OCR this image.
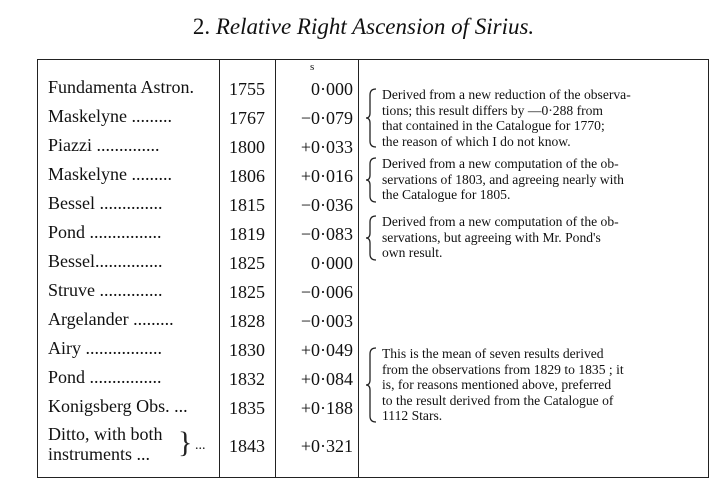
2. Relative Right Ascension of Sirius.
s
Fundamenta Astron. 1755	0·000
Maskelyne .........	1767	−0·079
Piazzi ..............	1800	+0·033
Maskelyne .........	1806	+0·016
Bessel ..............	1815	−0·036
Pond ................	1819	−0·083
Bessel...............	1825	0·000
Struve ..............	1825	−0·006
Argelander .........	1828	−0·003
Airy .................	1830	+0·049
Pond ................	1832	+0·084
Konigsberg Obs. ... 1835	+0·188
Ditto, with both
instruments ... } ... 1843	+0·321
Derived from a new reduction of the observa-
tions; this result differs by —0·288 from
that contained in the Catalogue for 1770;
the reason of which I do not know.
Derived from a new computation of the ob-
servations of 1803, and agreeing nearly with
the Catalogue for 1805.
Derived from a new computation of the ob-
servations, but agreeing with Mr. Pond's
own result.
This is the mean of seven results derived
from the observations from 1829 to 1835 ; it
is, for reasons mentioned above, preferred
to the result derived from the Catalogue of
1112 Stars.
